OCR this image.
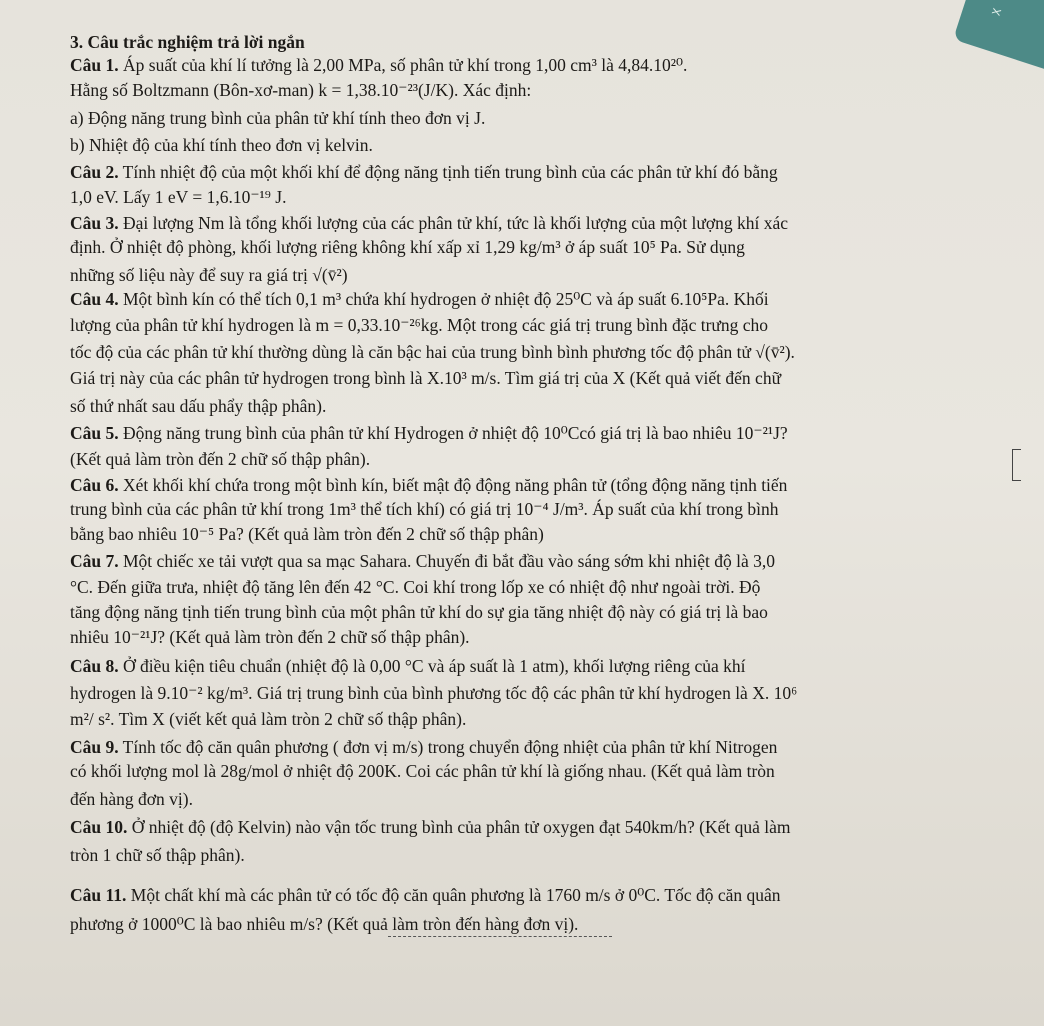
X
3. Câu trắc nghiệm trả lời ngắn
Câu 1. Áp suất của khí lí tưởng là 2,00 MPa, số phân tử khí trong 1,00 cm³ là 4,84.10²⁰.
Hằng số Boltzmann (Bôn-xơ-man) k = 1,38.10⁻²³(J/K). Xác định:
a) Động năng trung bình của phân tử khí tính theo đơn vị J.
b) Nhiệt độ của khí tính theo đơn vị kelvin.
Câu 2. Tính nhiệt độ của một khối khí để động năng tịnh tiến trung bình của các phân tử khí đó bằng
1,0 eV. Lấy 1 eV = 1,6.10⁻¹⁹ J.
Câu 3. Đại lượng Nm là tổng khối lượng của các phân tử khí, tức là khối lượng của một lượng khí xác
định. Ở nhiệt độ phòng, khối lượng riêng không khí xấp xỉ 1,29 kg/m³ ở áp suất 10⁵ Pa. Sử dụng
những số liệu này để suy ra giá trị √(v̄²)
Câu 4. Một bình kín có thể tích 0,1 m³ chứa khí hydrogen ở nhiệt độ 25⁰C và áp suất 6.10⁵Pa. Khối
lượng của phân tử khí hydrogen là m = 0,33.10⁻²⁶kg. Một trong các giá trị trung bình đặc trưng cho
tốc độ của các phân tử khí thường dùng là căn bậc hai của trung bình bình phương tốc độ phân tử √(v̄²).
Giá trị này của các phân tử hydrogen trong bình là X.10³ m/s. Tìm giá trị của X (Kết quả viết đến chữ
số thứ nhất sau dấu phẩy thập phân).
Câu 5. Động năng trung bình của phân tử khí Hydrogen ở nhiệt độ 10⁰Ccó giá trị là bao nhiêu 10⁻²¹J?
(Kết quả làm tròn đến 2 chữ số thập phân).
Câu 6. Xét khối khí chứa trong một bình kín, biết mật độ động năng phân tử (tổng động năng tịnh tiến
trung bình của các phân tử khí trong 1m³ thể tích khí) có giá trị 10⁻⁴ J/m³. Áp suất của khí trong bình
bằng bao nhiêu 10⁻⁵ Pa? (Kết quả làm tròn đến 2 chữ số thập phân)
Câu 7. Một chiếc xe tải vượt qua sa mạc Sahara. Chuyến đi bắt đầu vào sáng sớm khi nhiệt độ là 3,0
°C. Đến giữa trưa, nhiệt độ tăng lên đến 42 °C. Coi khí trong lốp xe có nhiệt độ như ngoài trời. Độ
tăng động năng tịnh tiến trung bình của một phân tử khí do sự gia tăng nhiệt độ này có giá trị là bao
nhiêu 10⁻²¹J? (Kết quả làm tròn đến 2 chữ số thập phân).
Câu 8. Ở điều kiện tiêu chuẩn (nhiệt độ là 0,00 °C và áp suất là 1 atm), khối lượng riêng của khí
hydrogen là 9.10⁻² kg/m³. Giá trị trung bình của bình phương tốc độ các phân tử khí hydrogen là X. 10⁶
m²/ s². Tìm X (viết kết quả làm tròn 2 chữ số thập phân).
Câu 9. Tính tốc độ căn quân phương ( đơn vị m/s) trong chuyển động nhiệt của phân tử khí Nitrogen
có khối lượng mol là 28g/mol ở nhiệt độ 200K. Coi các phân tử khí là giống nhau. (Kết quả làm tròn
đến hàng đơn vị).
Câu 10. Ở nhiệt độ (độ Kelvin) nào vận tốc trung bình của phân tử oxygen đạt 540km/h? (Kết quả làm
tròn 1 chữ số thập phân).
Câu 11. Một chất khí mà các phân tử có tốc độ căn quân phương là 1760 m/s ở 0⁰C. Tốc độ căn quân
phương ở 1000⁰C là bao nhiêu m/s? (Kết quả làm tròn đến hàng đơn vị).
